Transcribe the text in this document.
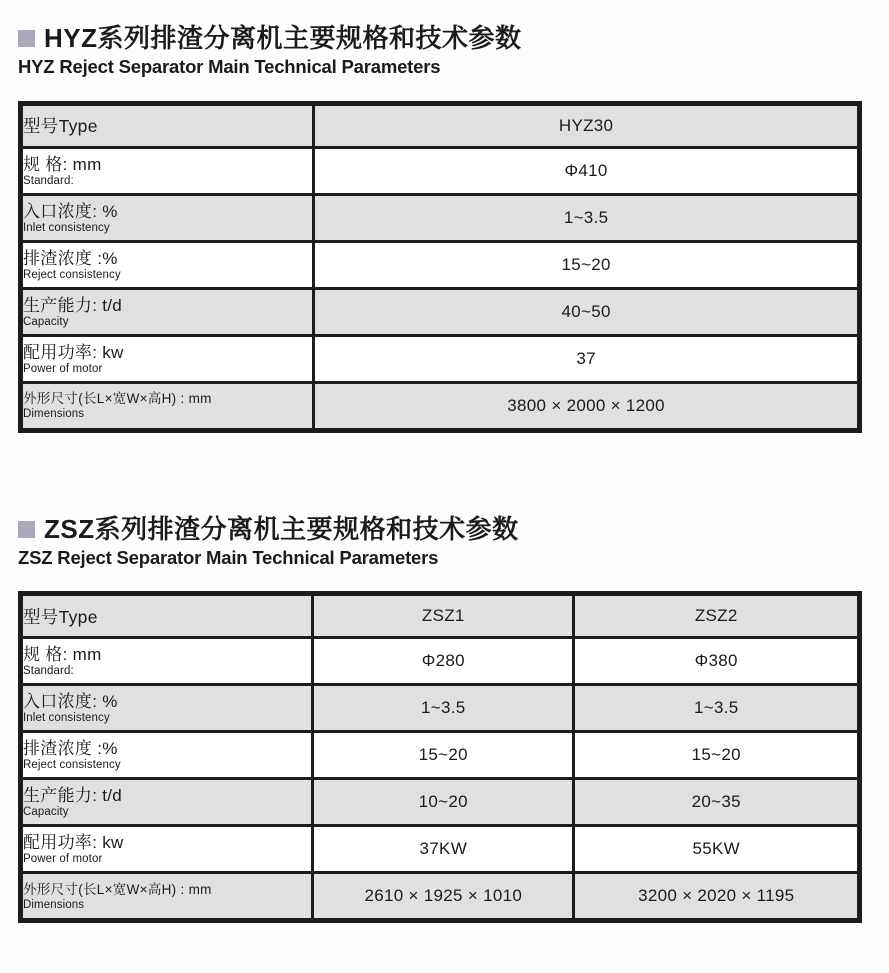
HYZ系列排渣分离机主要规格和技术参数
HYZ Reject Separator Main Technical Parameters
型号Type	HYZ30

规 格: mm
Standard:	Φ410

入口浓度: %
Inlet consistency	1~3.5

排渣浓度 :%
Reject consistency	15~20

生产能力: t/d
Capacity	40~50

配用功率: kw
Power of motor	37

外形尺寸(长L×宽W×高H) : mm
Dimensions	3800 × 2000 × 1200
ZSZ系列排渣分离机主要规格和技术参数
ZSZ Reject Separator Main Technical Parameters
型号Type	ZSZ1	ZSZ2

规 格: mm
Standard:	Φ280	Φ380

入口浓度: %
Inlet consistency	1~3.5	1~3.5

排渣浓度 :%
Reject consistency	15~20	15~20

生产能力: t/d
Capacity	10~20	20~35

配用功率: kw
Power of motor	37KW	55KW

外形尺寸(长L×宽W×高H) : mm
Dimensions	2610 × 1925 × 1010	3200 × 2020 × 1195
